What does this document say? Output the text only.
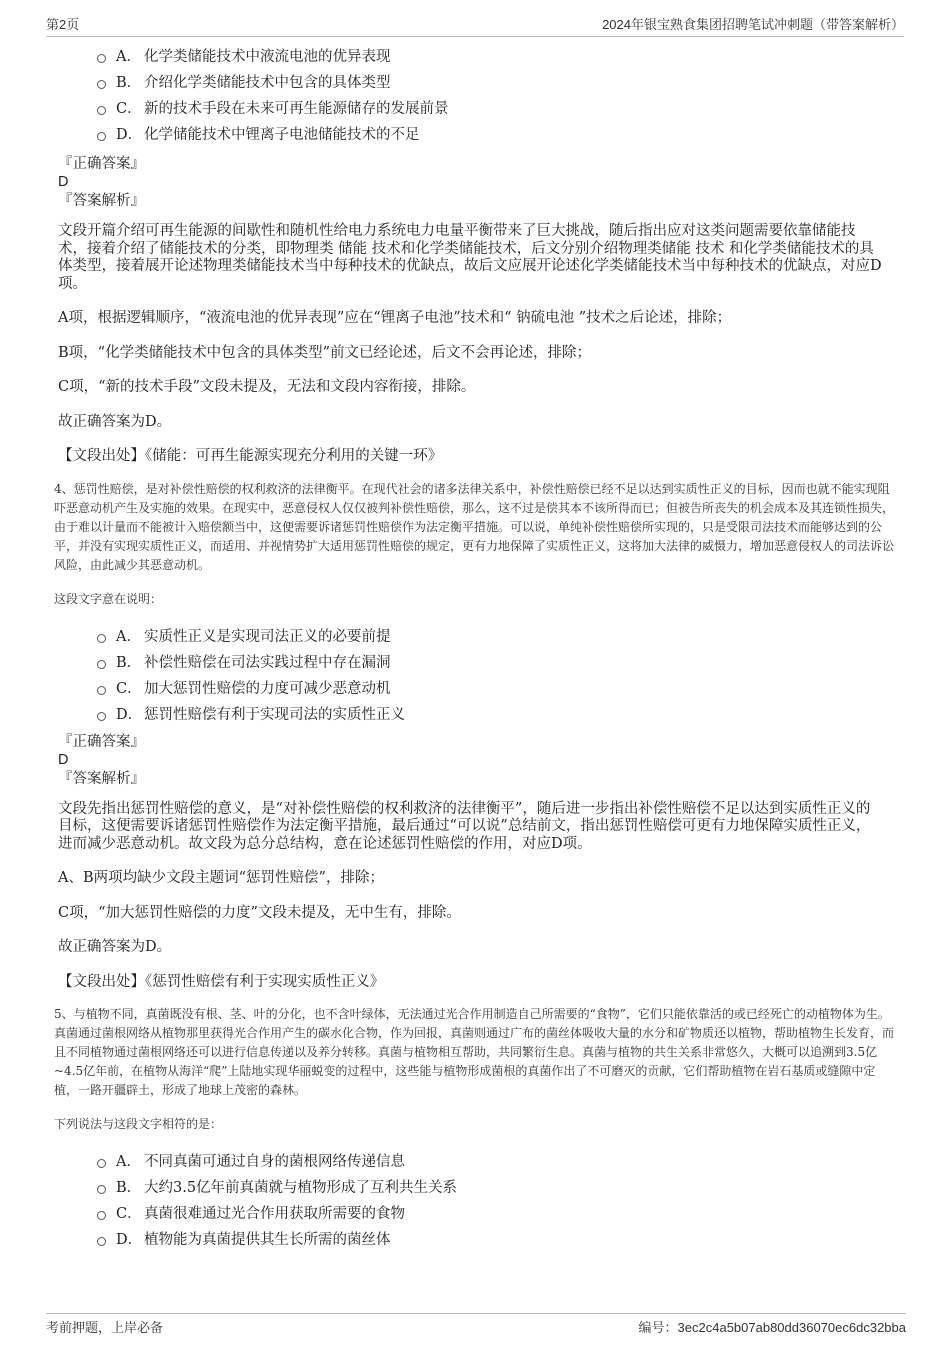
第2页	2024年银宝熟食集团招聘笔试冲刺题（带答案解析）
A． 化学类储能技术中液流电池的优异表现
B． 介绍化学类储能技术中包含的具体类型
C． 新的技术手段在未来可再生能源储存的发展前景
D． 化学储能技术中锂离子电池储能技术的不足
『正确答案』
D
『答案解析』

文段开篇介绍可再生能源的间歇性和随机性给电力系统电力电量平衡带来了巨大挑战，随后指出应对这类问题需要依靠储能技术，接着介绍了储能技术的分类，即物理类 储能 技术和化学类储能技术，后文分别介绍物理类储能 技术 和化学类储能技术的具体类型，接着展开论述物理类储能技术当中每种技术的优缺点，故后文应展开论述化学类储能技术当中每种技术的优缺点，对应D项。

A项，根据逻辑顺序，“液流电池的优异表现”应在“锂离子电池”技术和“ 钠硫电池 ”技术之后论述，排除；

B项，“化学类储能技术中包含的具体类型”前文已经论述，后文不会再论述，排除；

C项，“新的技术手段”文段未提及，无法和文段内容衔接，排除。

故正确答案为D。

【文段出处】《储能：可再生能源实现充分利用的关键一环》

4、惩罚性赔偿，是对补偿性赔偿的权利救济的法律衡平。在现代社会的诸多法律关系中，补偿性赔偿已经不足以达到实质性正义的目标，因而也就不能实现阻吓恶意动机产生及实施的效果。在现实中，恶意侵权人仅仅被判补偿性赔偿，那么，这不过是偿其本不该所得而已；但被告所丧失的机会成本及其连锁性损失，由于难以计量而不能被计入赔偿额当中，这便需要诉诸惩罚性赔偿作为法定衡平措施。可以说，单纯补偿性赔偿所实现的，只是受限司法技术而能够达到的公平，并没有实现实质性正义，而适用、并视情势扩大适用惩罚性赔偿的规定，更有力地保障了实质性正义，这将加大法律的威慑力，增加恶意侵权人的司法诉讼风险，由此减少其恶意动机。

这段文字意在说明：

A． 实质性正义是实现司法正义的必要前提
B． 补偿性赔偿在司法实践过程中存在漏洞
C． 加大惩罚性赔偿的力度可减少恶意动机
D． 惩罚性赔偿有利于实现司法的实质性正义
『正确答案』
D
『答案解析』

文段先指出惩罚性赔偿的意义，是“对补偿性赔偿的权利救济的法律衡平”，随后进一步指出补偿性赔偿不足以达到实质性正义的目标，这便需要诉诸惩罚性赔偿作为法定衡平措施，最后通过“可以说”总结前文，指出惩罚性赔偿可更有力地保障实质性正义，进而减少恶意动机。故文段为总分总结构，意在论述惩罚性赔偿的作用，对应D项。

A、B两项均缺少文段主题词“惩罚性赔偿”，排除；

C项，“加大惩罚性赔偿的力度”文段未提及，无中生有，排除。

故正确答案为D。

【文段出处】《惩罚性赔偿有利于实现实质性正义》

5、与植物不同，真菌既没有根、茎、叶的分化，也不含叶绿体，无法通过光合作用制造自己所需要的“食物”，它们只能依靠活的或已经死亡的动植物体为生。真菌通过菌根网络从植物那里获得光合作用产生的碳水化合物，作为回报，真菌则通过广布的菌丝体吸收大量的水分和矿物质还以植物，帮助植物生长发育，而且不同植物通过菌根网络还可以进行信息传递以及养分转移。真菌与植物相互帮助，共同繁衍生息。真菌与植物的共生关系非常悠久，大概可以追溯到3.5亿~4.5亿年前，在植物从海洋“爬”上陆地实现华丽蜕变的过程中，这些能与植物形成菌根的真菌作出了不可磨灭的贡献，它们帮助植物在岩石基质或缝隙中定植，一路开疆辟土，形成了地球上茂密的森林。

下列说法与这段文字相符的是：

A． 不同真菌可通过自身的菌根网络传递信息
B． 大约3.5亿年前真菌就与植物形成了互利共生关系
C． 真菌很难通过光合作用获取所需要的食物
D． 植物能为真菌提供其生长所需的菌丝体
考前押题，上岸必备	编号：3ec2c4a5b07ab80dd36070ec6dc32bba
